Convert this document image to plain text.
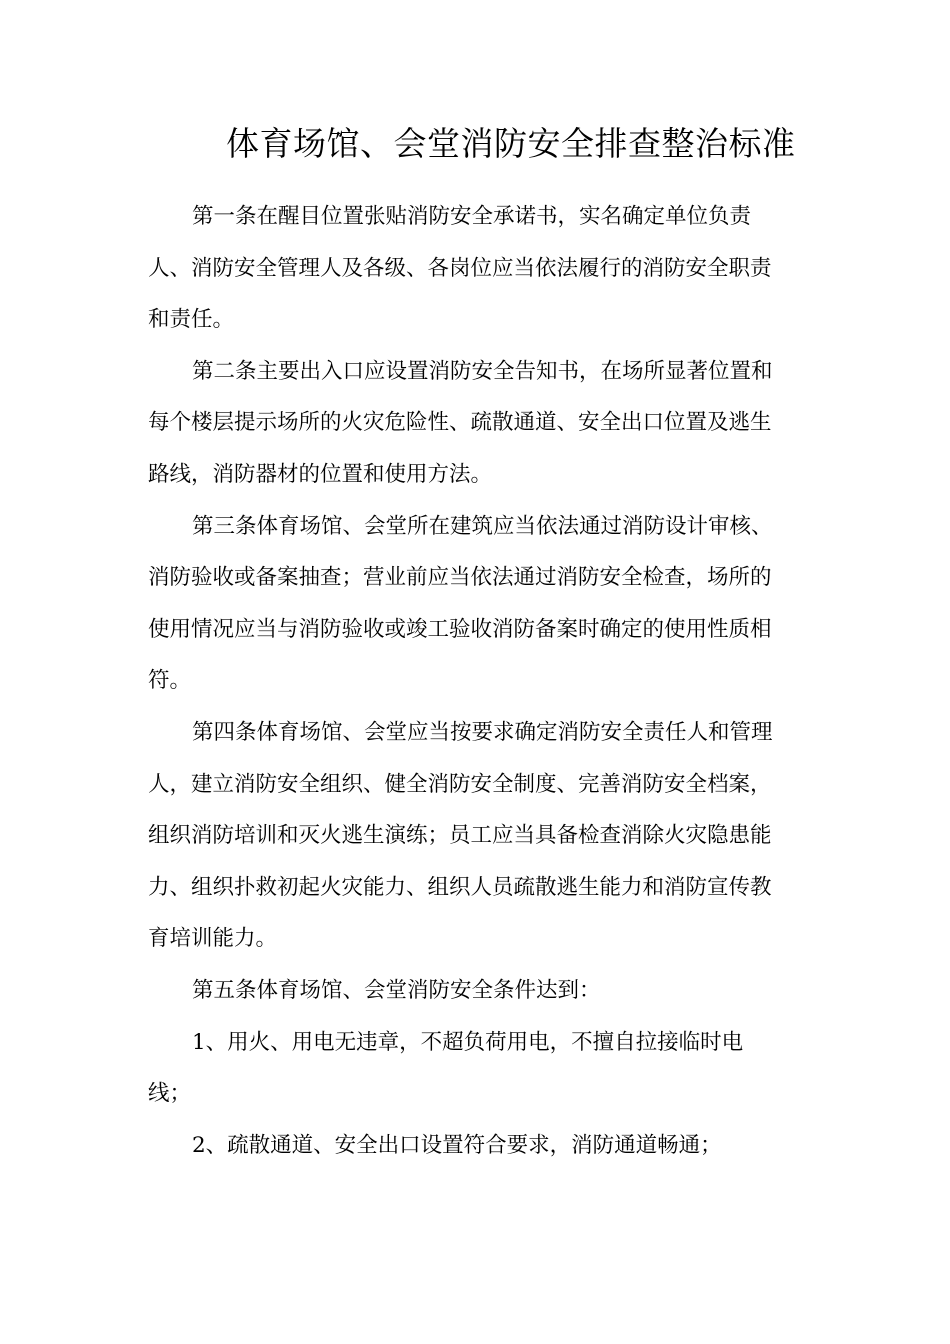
体育场馆、会堂消防安全排查整治标准
第一条在醒目位置张贴消防安全承诺书，实名确定单位负责
人、消防安全管理人及各级、各岗位应当依法履行的消防安全职责
和责任。
第二条主要出入口应设置消防安全告知书，在场所显著位置和
每个楼层提示场所的火灾危险性、疏散通道、安全出口位置及逃生
路线，消防器材的位置和使用方法。
第三条体育场馆、会堂所在建筑应当依法通过消防设计审核、
消防验收或备案抽查；营业前应当依法通过消防安全检查，场所的
使用情况应当与消防验收或竣工验收消防备案时确定的使用性质相
符。
第四条体育场馆、会堂应当按要求确定消防安全责任人和管理
人，建立消防安全组织、健全消防安全制度、完善消防安全档案，
组织消防培训和灭火逃生演练；员工应当具备检查消除火灾隐患能
力、组织扑救初起火灾能力、组织人员疏散逃生能力和消防宣传教
育培训能力。
第五条体育场馆、会堂消防安全条件达到：
1、用火、用电无违章，不超负荷用电，不擅自拉接临时电
线；
2、疏散通道、安全出口设置符合要求，消防通道畅通；
